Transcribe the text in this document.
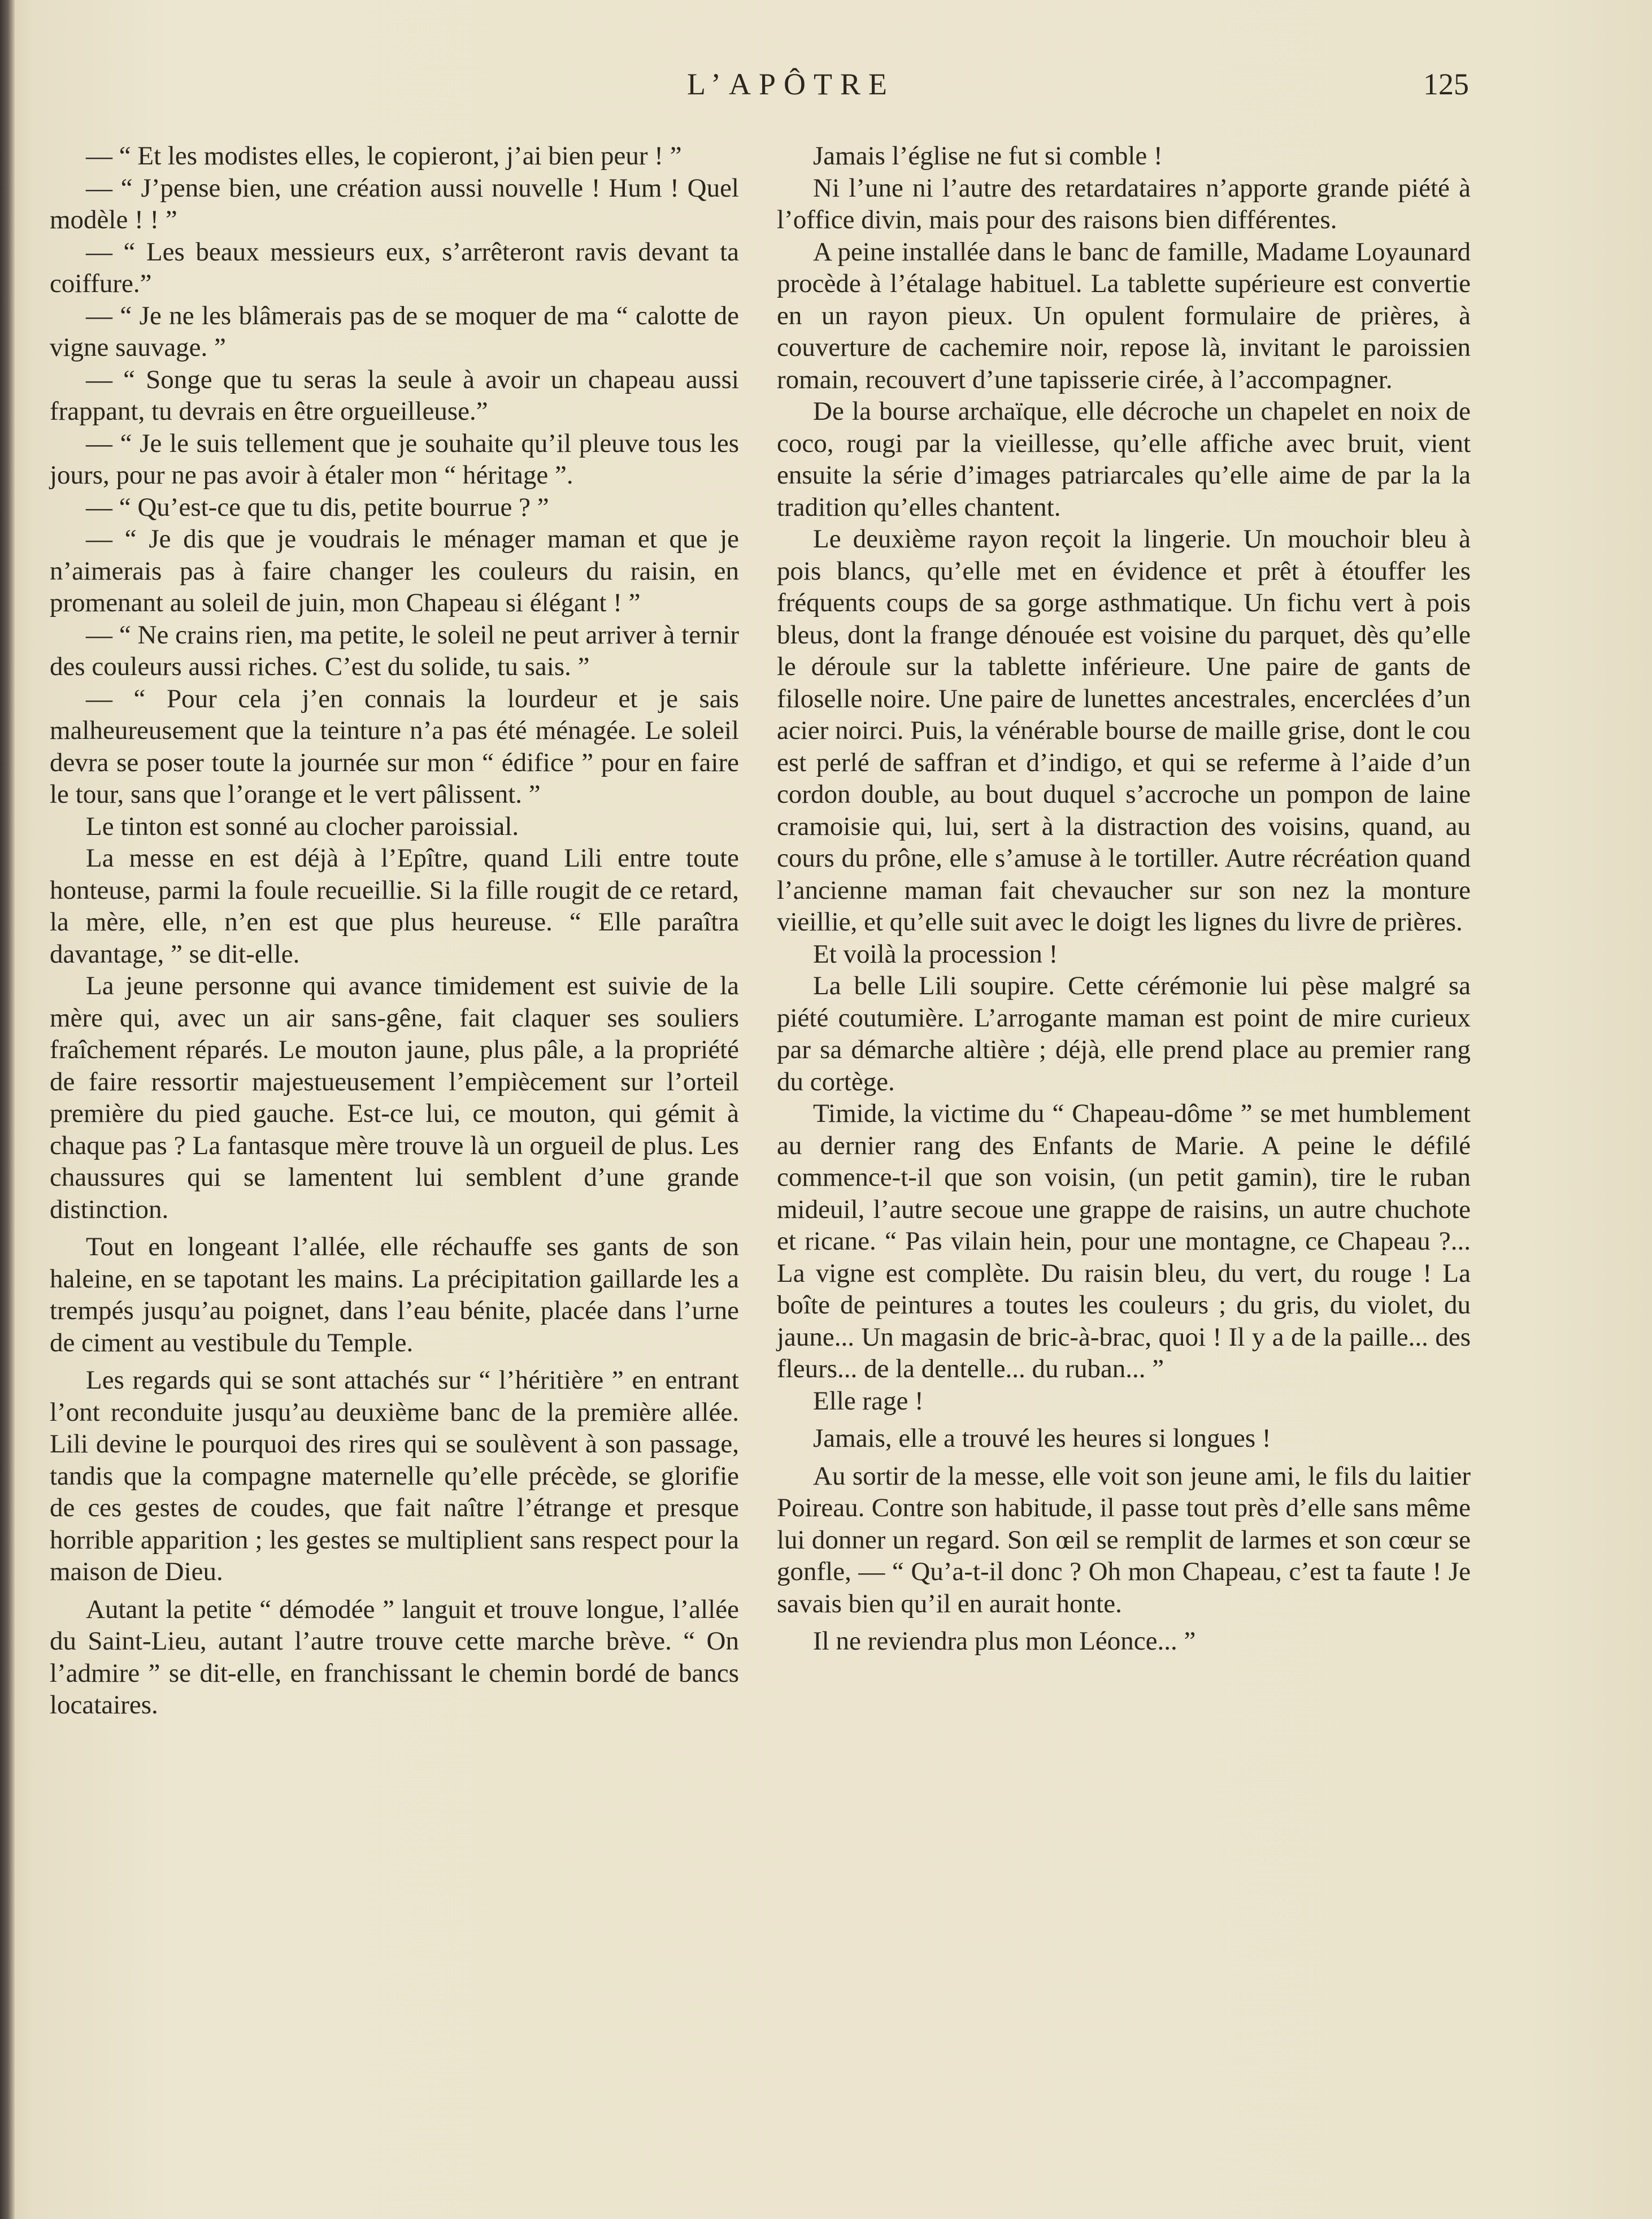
L’APÔTRE	125

— “ Et les modistes elles, le copieront, j’ai bien peur ! ”

— “ J’pense bien, une création aussi nouvelle ! Hum ! Quel modèle ! ! ”

— “ Les beaux messieurs eux, s’arrêteront ravis devant ta coiffure.”

— “ Je ne les blâmerais pas de se moquer de ma “ calotte de vigne sauvage. ”

— “ Songe que tu seras la seule à avoir un chapeau aussi frappant, tu devrais en être orgueilleuse.”

— “ Je le suis tellement que je souhaite qu’il pleuve tous les jours, pour ne pas avoir à étaler mon “ héritage ”.

— “ Qu’est-ce que tu dis, petite bourrue ? ”

— “ Je dis que je voudrais le ménager maman et que je n’aimerais pas à faire changer les couleurs du raisin, en promenant au soleil de juin, mon Chapeau si élégant ! ”

— “ Ne crains rien, ma petite, le soleil ne peut arriver à ternir des couleurs aussi riches. C’est du solide, tu sais. ”

— “ Pour cela j’en connais la lourdeur et je sais malheureusement que la teinture n’a pas été ménagée. Le soleil devra se poser toute la journée sur mon “ édifice ” pour en faire le tour, sans que l’orange et le vert pâlissent. ”

Le tinton est sonné au clocher paroissial.

La messe en est déjà à l’Epître, quand Lili entre toute honteuse, parmi la foule recueillie. Si la fille rougit de ce retard, la mère, elle, n’en est que plus heureuse. “ Elle paraîtra davantage, ” se dit-elle.

La jeune personne qui avance timidement est suivie de la mère qui, avec un air sans-gêne, fait claquer ses souliers fraîchement réparés. Le mouton jaune, plus pâle, a la propriété de faire ressortir majestueusement l’empiècement sur l’orteil première du pied gauche. Est-ce lui, ce mouton, qui gémit à chaque pas ? La fantasque mère trouve là un orgueil de plus. Les chaussures qui se lamentent lui semblent d’une grande distinction.

Tout en longeant l’allée, elle réchauffe ses gants de son haleine, en se tapotant les mains. La précipitation gaillarde les a trempés jusqu’au poignet, dans l’eau bénite, placée dans l’urne de ciment au vestibule du Temple.

Les regards qui se sont attachés sur “ l’héritière ” en entrant l’ont reconduite jusqu’au deuxième banc de la première allée. Lili devine le pourquoi des rires qui se soulèvent à son passage, tandis que la compagne maternelle qu’elle précède, se glorifie de ces gestes de coudes, que fait naître l’étrange et presque horrible apparition ; les gestes se multiplient sans respect pour la maison de Dieu.

Autant la petite “ démodée ” languit et trouve longue, l’allée du Saint-Lieu, autant l’autre trouve cette marche brève. “ On l’admire ” se dit-elle, en franchissant le chemin bordé de bancs locataires.

Jamais l’église ne fut si comble !

Ni l’une ni l’autre des retardataires n’apporte grande piété à l’office divin, mais pour des raisons bien différentes.

A peine installée dans le banc de famille, Madame Loyaunard procède à l’étalage habituel. La tablette supérieure est convertie en un rayon pieux. Un opulent formulaire de prières, à couverture de cachemire noir, repose là, invitant le paroissien romain, recouvert d’une tapisserie cirée, à l’accompagner.

De la bourse archaïque, elle décroche un chapelet en noix de coco, rougi par la vieillesse, qu’elle affiche avec bruit, vient ensuite la série d’images patriarcales qu’elle aime de par la la tradition qu’elles chantent.

Le deuxième rayon reçoit la lingerie. Un mouchoir bleu à pois blancs, qu’elle met en évidence et prêt à étouffer les fréquents coups de sa gorge asthmatique. Un fichu vert à pois bleus, dont la frange dénouée est voisine du parquet, dès qu’elle le déroule sur la tablette inférieure. Une paire de gants de filoselle noire. Une paire de lunettes ancestrales, encerclées d’un acier noirci. Puis, la vénérable bourse de maille grise, dont le cou est perlé de saffran et d’indigo, et qui se referme à l’aide d’un cordon double, au bout duquel s’accroche un pompon de laine cramoisie qui, lui, sert à la distraction des voisins, quand, au cours du prône, elle s’amuse à le tortiller. Autre récréation quand l’ancienne maman fait chevaucher sur son nez la monture vieillie, et qu’elle suit avec le doigt les lignes du livre de prières.

Et voilà la procession !

La belle Lili soupire. Cette cérémonie lui pèse malgré sa piété coutumière. L’arrogante maman est point de mire curieux par sa démarche altière ; déjà, elle prend place au premier rang du cortège.

Timide, la victime du “ Chapeau-dôme ” se met humblement au dernier rang des Enfants de Marie. A peine le défilé commence-t-il que son voisin, (un petit gamin), tire le ruban mideuil, l’autre secoue une grappe de raisins, un autre chuchote et ricane. “ Pas vilain hein, pour une montagne, ce Chapeau ?... La vigne est complète. Du raisin bleu, du vert, du rouge ! La boîte de peintures a toutes les couleurs ; du gris, du violet, du jaune... Un magasin de bric-à-brac, quoi ! Il y a de la paille... des fleurs... de la dentelle... du ruban... ”

Elle rage !

Jamais, elle a trouvé les heures si longues !

Au sortir de la messe, elle voit son jeune ami, le fils du laitier Poireau. Contre son habitude, il passe tout près d’elle sans même lui donner un regard. Son œil se remplit de larmes et son cœur se gonfle, — “ Qu’a-t-il donc ? Oh mon Chapeau, c’est ta faute ! Je savais bien qu’il en aurait honte.

Il ne reviendra plus mon Léonce... ”
